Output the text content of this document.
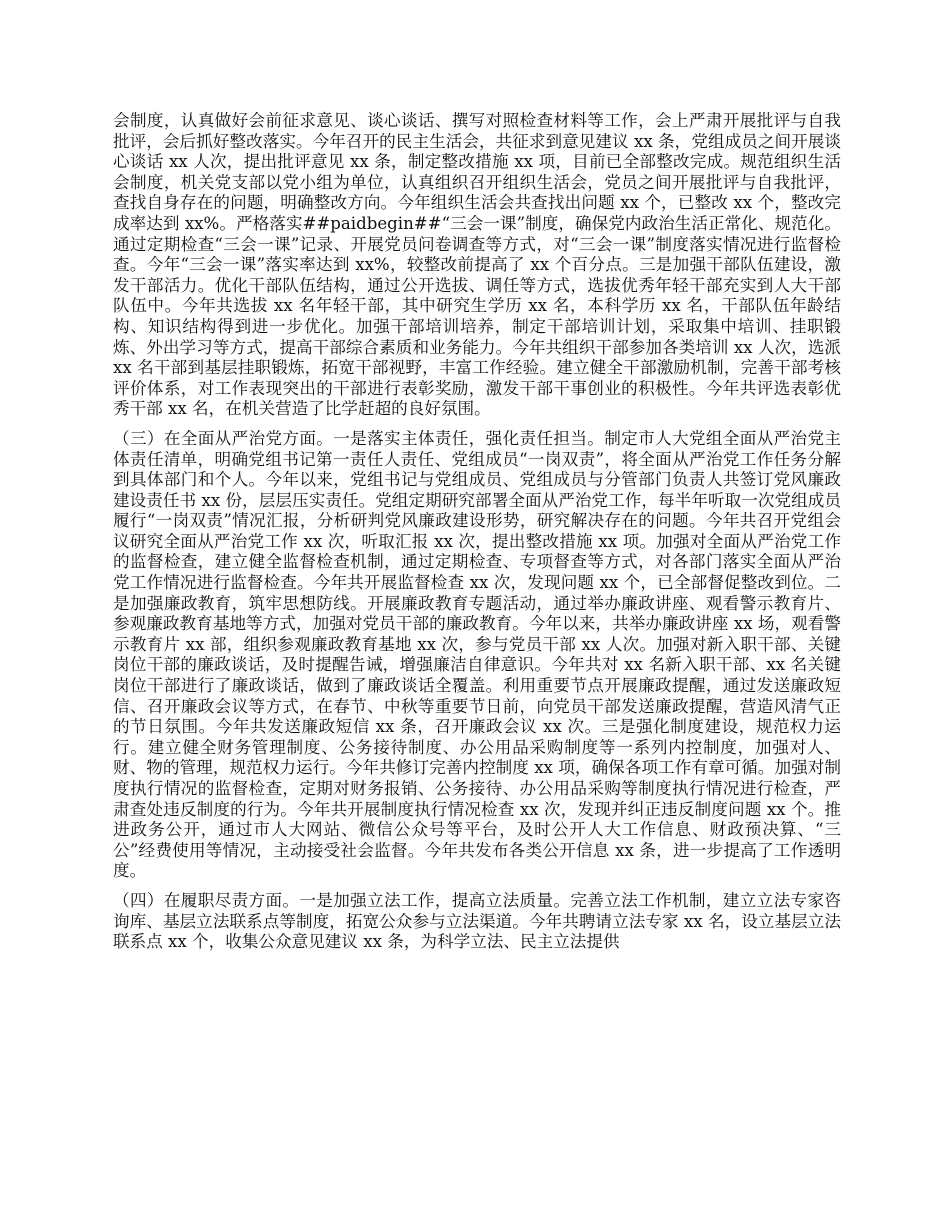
会制度，认真做好会前征求意见、谈心谈话、撰写对照检查材料等工作，会上严肃开展批评与自我批评，会后抓好整改落实。今年召开的民主生活会，共征求到意见建议 xx 条，党组成员之间开展谈心谈话 xx 人次，提出批评意见 xx 条，制定整改措施 xx 项，目前已全部整改完成。规范组织生活会制度，机关党支部以党小组为单位，认真组织召开组织生活会，党员之间开展批评与自我批评，查找自身存在的问题，明确整改方向。今年组织生活会共查找出问题 xx 个，已整改 xx 个，整改完成率达到 xx%。严格落实##paidbegin##“三会一课”制度，确保党内政治生活正常化、规范化。通过定期检查“三会一课”记录、开展党员问卷调查等方式，对“三会一课”制度落实情况进行监督检查。今年“三会一课”落实率达到 xx%，较整改前提高了 xx 个百分点。三是加强干部队伍建设，激发干部活力。优化干部队伍结构，通过公开选拔、调任等方式，选拔优秀年轻干部充实到人大干部队伍中。今年共选拔 xx 名年轻干部，其中研究生学历 xx 名，本科学历 xx 名，干部队伍年龄结构、知识结构得到进一步优化。加强干部培训培养，制定干部培训计划，采取集中培训、挂职锻炼、外出学习等方式，提高干部综合素质和业务能力。今年共组织干部参加各类培训 xx 人次，选派 xx 名干部到基层挂职锻炼，拓宽干部视野，丰富工作经验。建立健全干部激励机制，完善干部考核评价体系，对工作表现突出的干部进行表彰奖励，激发干部干事创业的积极性。今年共评选表彰优秀干部 xx 名，在机关营造了比学赶超的良好氛围。

（三）在全面从严治党方面。一是落实主体责任，强化责任担当。制定市人大党组全面从严治党主体责任清单，明确党组书记第一责任人责任、党组成员“一岗双责”，将全面从严治党工作任务分解到具体部门和个人。今年以来，党组书记与党组成员、党组成员与分管部门负责人共签订党风廉政建设责任书 xx 份，层层压实责任。党组定期研究部署全面从严治党工作，每半年听取一次党组成员履行“一岗双责”情况汇报，分析研判党风廉政建设形势，研究解决存在的问题。今年共召开党组会议研究全面从严治党工作 xx 次，听取汇报 xx 次，提出整改措施 xx 项。加强对全面从严治党工作的监督检查，建立健全监督检查机制，通过定期检查、专项督查等方式，对各部门落实全面从严治党工作情况进行监督检查。今年共开展监督检查 xx 次，发现问题 xx 个，已全部督促整改到位。二是加强廉政教育，筑牢思想防线。开展廉政教育专题活动，通过举办廉政讲座、观看警示教育片、参观廉政教育基地等方式，加强对党员干部的廉政教育。今年以来，共举办廉政讲座 xx 场，观看警示教育片 xx 部，组织参观廉政教育基地 xx 次，参与党员干部 xx 人次。加强对新入职干部、关键岗位干部的廉政谈话，及时提醒告诫，增强廉洁自律意识。今年共对 xx 名新入职干部、xx 名关键岗位干部进行了廉政谈话，做到了廉政谈话全覆盖。利用重要节点开展廉政提醒，通过发送廉政短信、召开廉政会议等方式，在春节、中秋等重要节日前，向党员干部发送廉政提醒，营造风清气正的节日氛围。今年共发送廉政短信 xx 条，召开廉政会议 xx 次。三是强化制度建设，规范权力运行。建立健全财务管理制度、公务接待制度、办公用品采购制度等一系列内控制度，加强对人、财、物的管理，规范权力运行。今年共修订完善内控制度 xx 项，确保各项工作有章可循。加强对制度执行情况的监督检查，定期对财务报销、公务接待、办公用品采购等制度执行情况进行检查，严肃查处违反制度的行为。今年共开展制度执行情况检查 xx 次，发现并纠正违反制度问题 xx 个。推进政务公开，通过市人大网站、微信公众号等平台，及时公开人大工作信息、财政预决算、“三公”经费使用等情况，主动接受社会监督。今年共发布各类公开信息 xx 条，进一步提高了工作透明度。

（四）在履职尽责方面。一是加强立法工作，提高立法质量。完善立法工作机制，建立立法专家咨询库、基层立法联系点等制度，拓宽公众参与立法渠道。今年共聘请立法专家 xx 名，设立基层立法联系点 xx 个，收集公众意见建议 xx 条，为科学立法、民主立法提供
